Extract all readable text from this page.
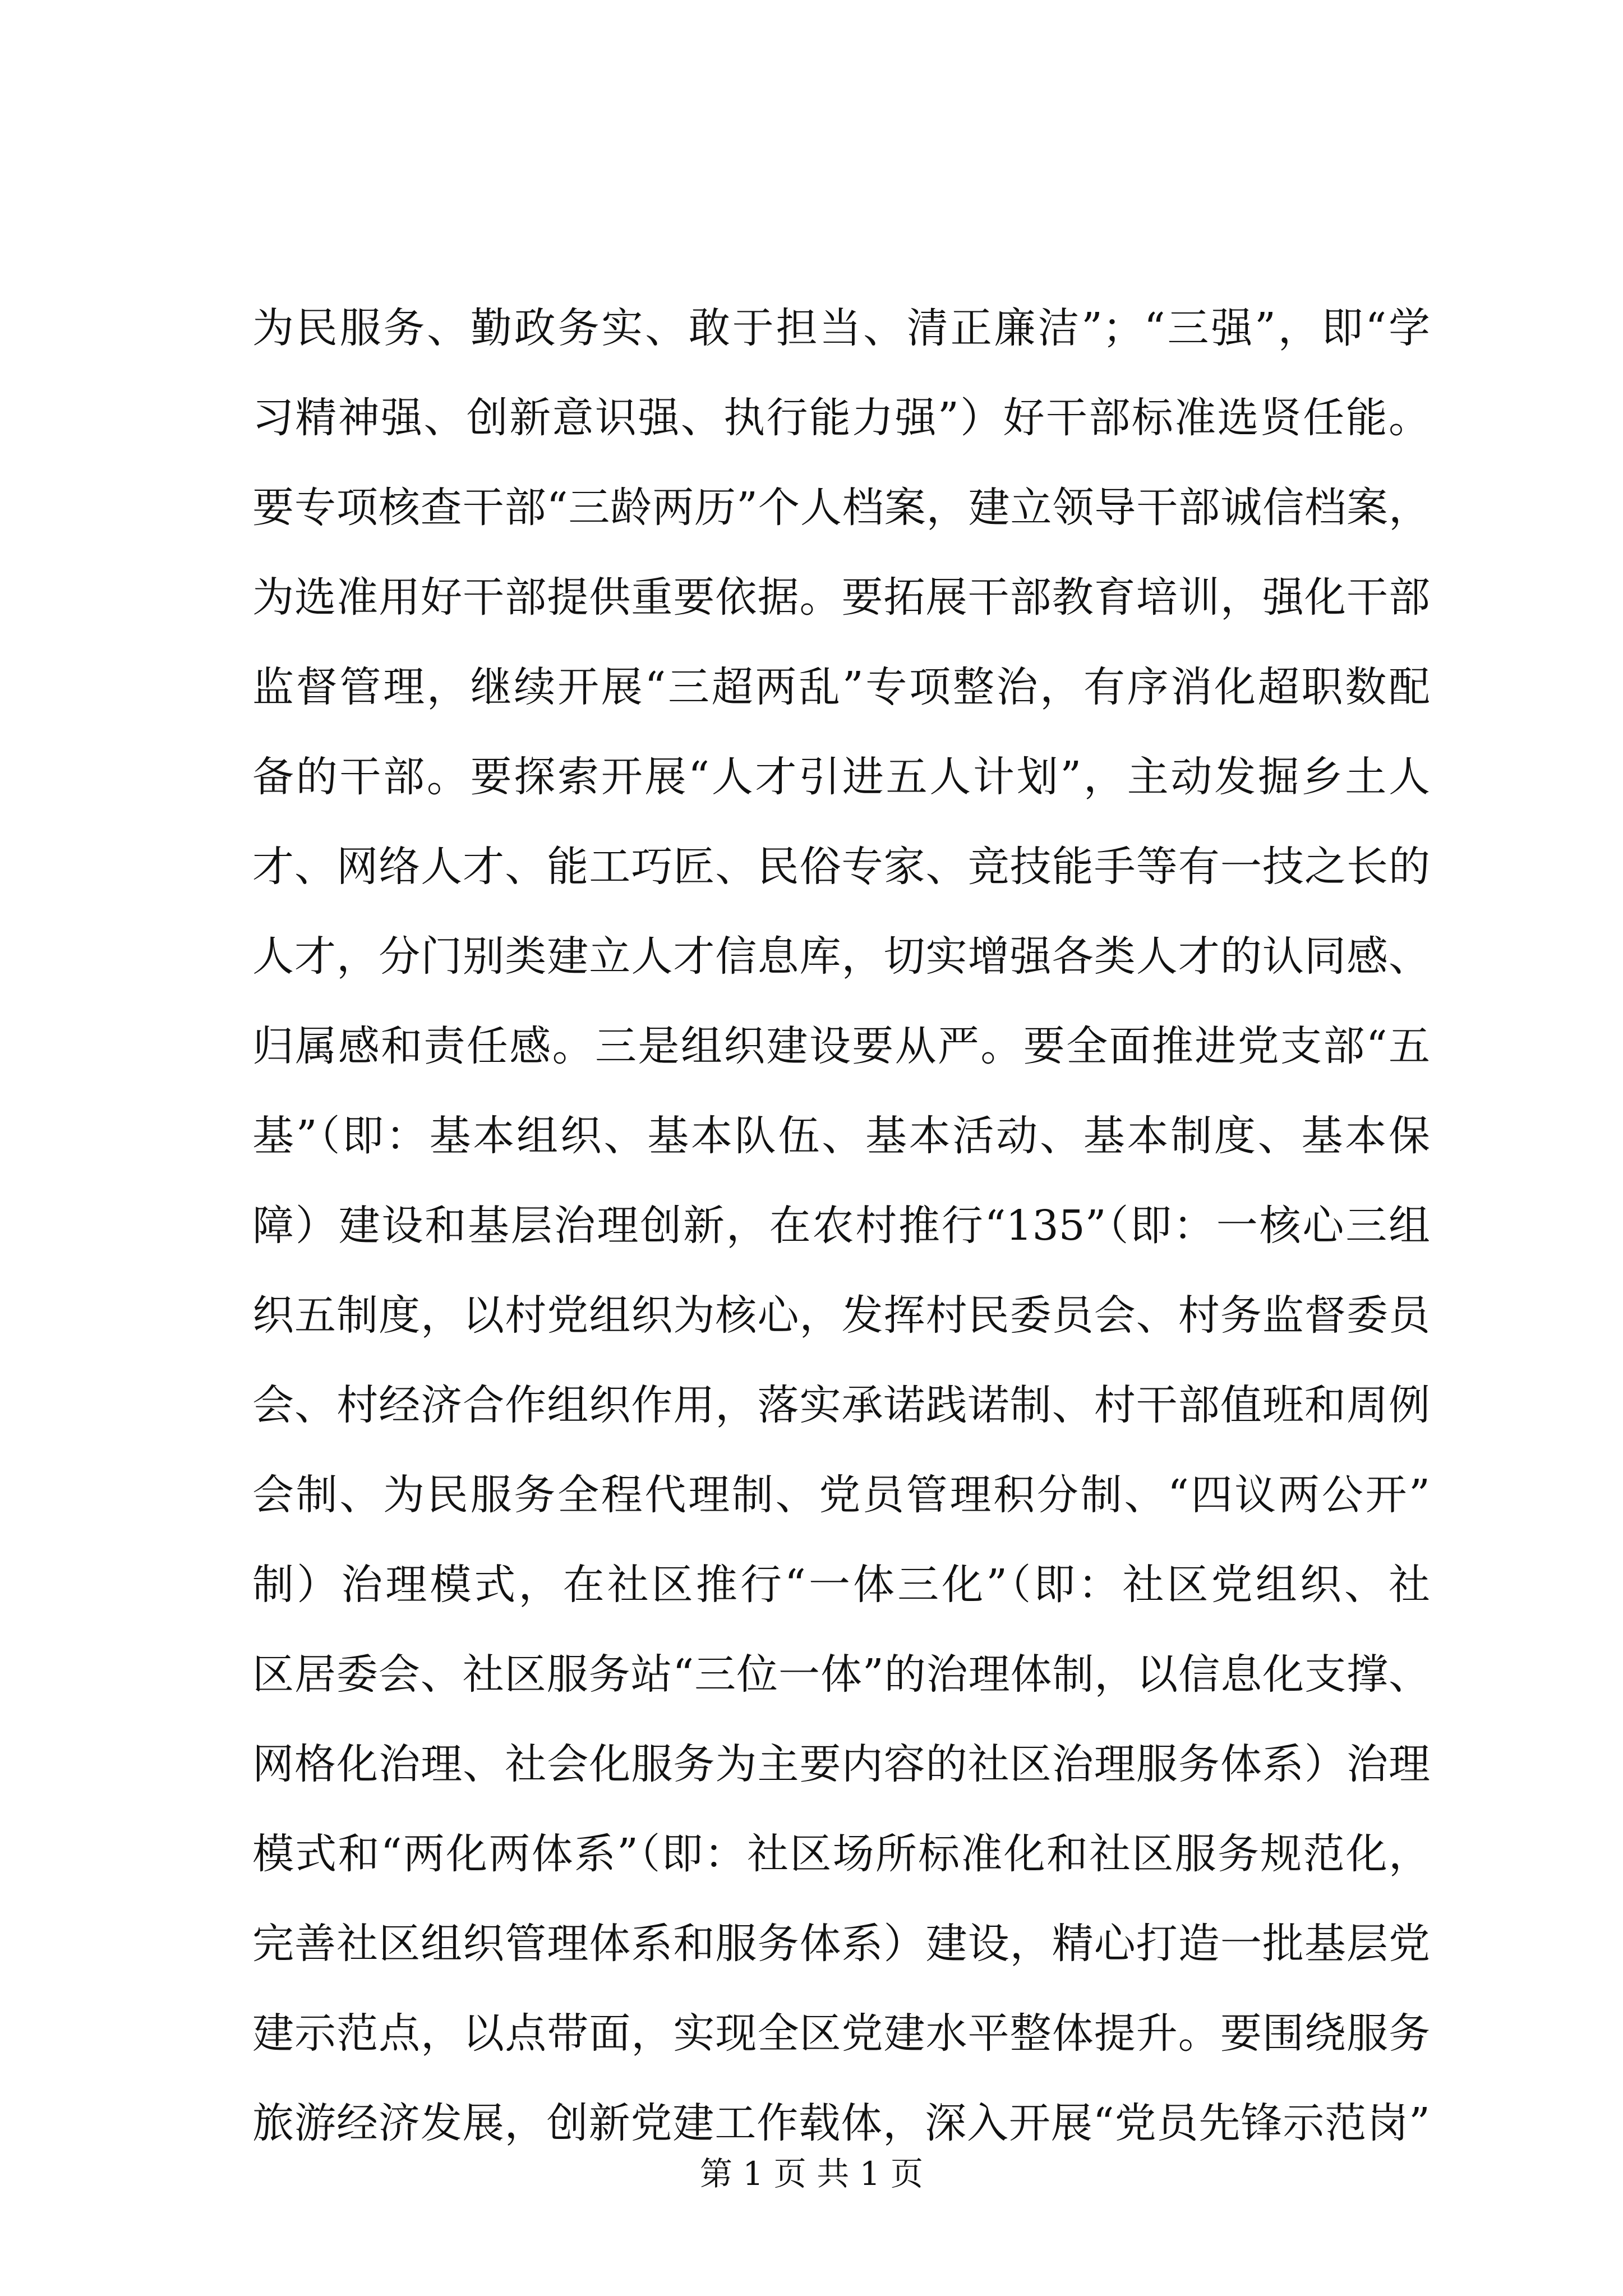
为民服务、勤政务实、敢于担当、清正廉洁”；“三强”，即“学
习精神强、创新意识强、执行能力强”）好干部标准选贤任能。
要专项核查干部“三龄两历”个人档案，建立领导干部诚信档案，
为选准用好干部提供重要依据。要拓展干部教育培训，强化干部
监督管理，继续开展“三超两乱”专项整治，有序消化超职数配
备的干部。要探索开展“人才引进五人计划”，主动发掘乡土人
才、网络人才、能工巧匠、民俗专家、竞技能手等有一技之长的
人才，分门别类建立人才信息库，切实增强各类人才的认同感、
归属感和责任感。三是组织建设要从严。要全面推进党支部“五
基”（即：基本组织、基本队伍、基本活动、基本制度、基本保
障）建设和基层治理创新，在农村推行“135”（即：一核心三组
织五制度，以村党组织为核心，发挥村民委员会、村务监督委员
会、村经济合作组织作用，落实承诺践诺制、村干部值班和周例
会制、为民服务全程代理制、党员管理积分制、“四议两公开”
制）治理模式，在社区推行“一体三化”（即：社区党组织、社
区居委会、社区服务站“三位一体”的治理体制，以信息化支撑、
网格化治理、社会化服务为主要内容的社区治理服务体系）治理
模式和“两化两体系”（即：社区场所标准化和社区服务规范化，
完善社区组织管理体系和服务体系）建设，精心打造一批基层党
建示范点，以点带面，实现全区党建水平整体提升。要围绕服务
旅游经济发展，创新党建工作载体，深入开展“党员先锋示范岗”
第 1 页 共 1 页
